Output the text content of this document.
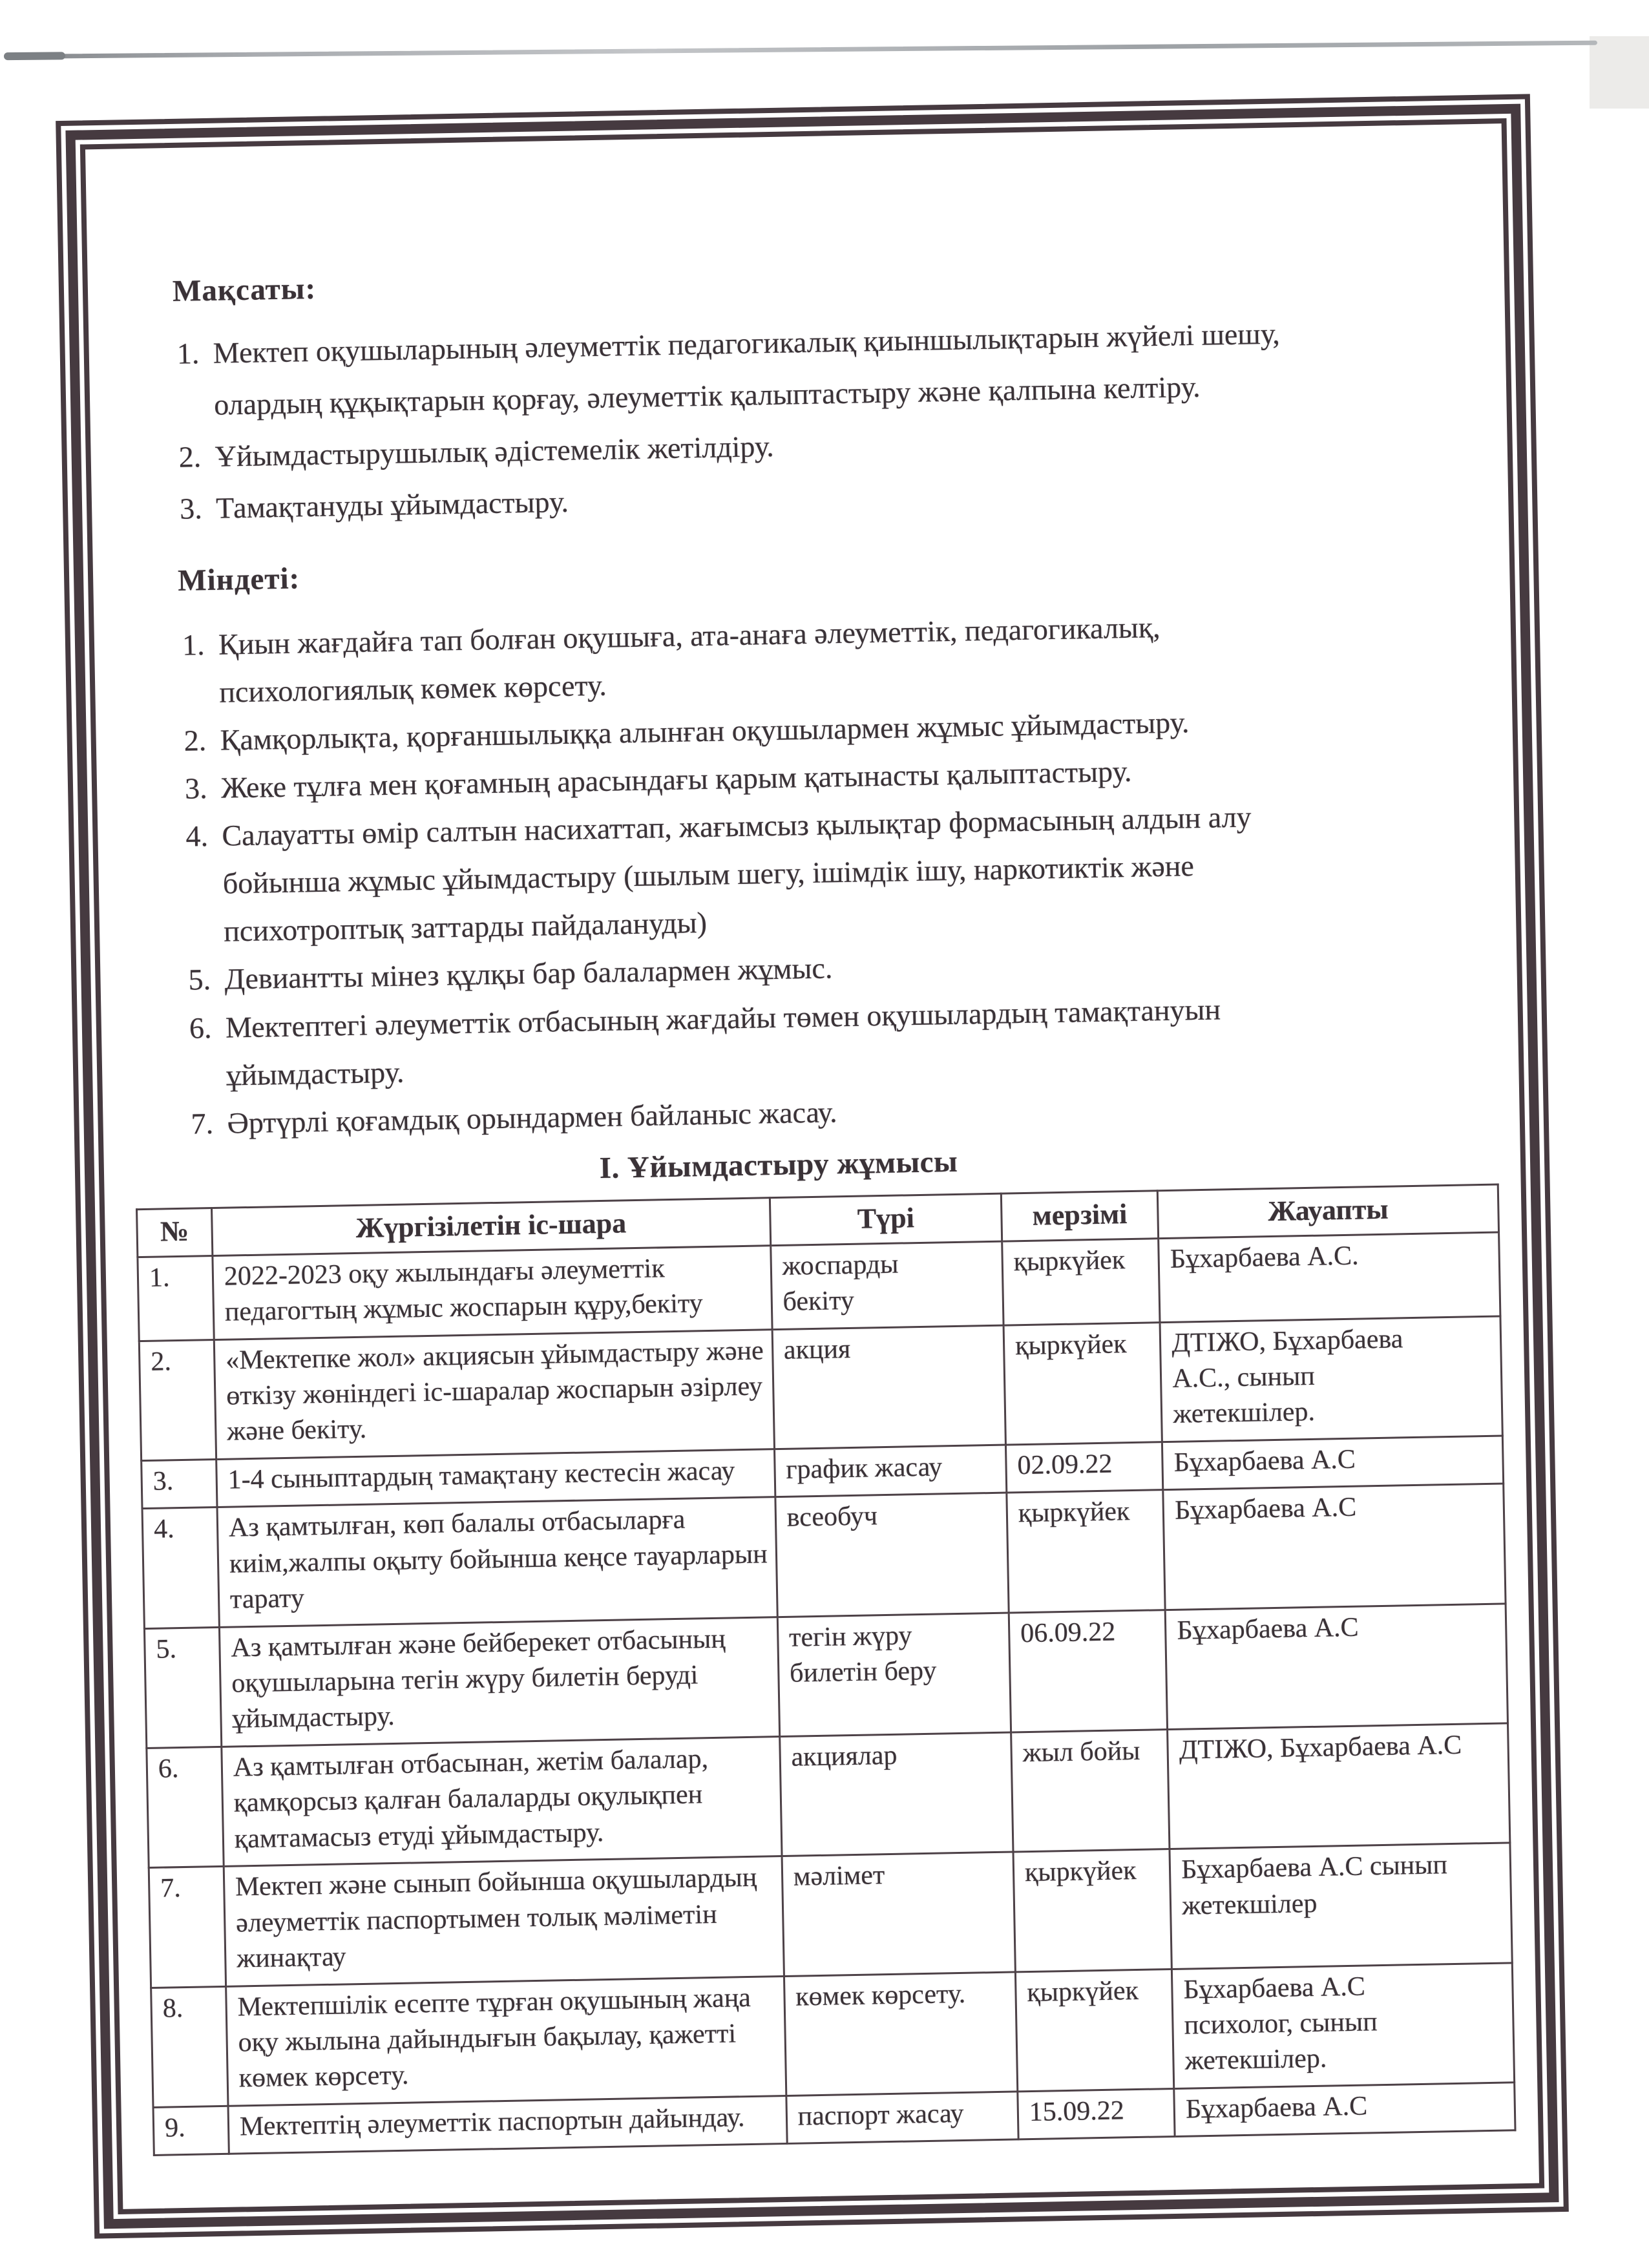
Мақсаты:
1. Мектеп оқушыларының әлеуметтік педагогикалық қиыншылықтарын жүйелі шешу, олардың құқықтарын қорғау, әлеуметтік қалыптастыру және қалпына келтіру.
2. Ұйымдастырушылық әдістемелік жетілдіру.
3. Тамақтануды ұйымдастыру.
Міндеті:
1. Қиын жағдайға тап болған оқушыға, ата-анаға әлеуметтік, педагогикалық, психологиялық көмек көрсету.
2. Қамқорлықта, қорғаншылыққа алынған оқушылармен жұмыс ұйымдастыру.
3. Жеке тұлға мен қоғамның арасындағы қарым қатынасты қалыптастыру.
4. Салауатты өмір салтын насихаттап, жағымсыз қылықтар формасының алдын алу бойынша жұмыс ұйымдастыру (шылым шегу, ішімдік ішу, наркотиктік және психотроптық заттарды пайдалануды)
5. Девиантты мінез құлқы бар балалармен жұмыс.
6. Мектептегі әлеуметтік отбасының жағдайы төмен оқушылардың тамақтануын ұйымдастыру.
7. Әртүрлі қоғамдық орындармен байланыс жасау.
І. Ұйымдастыру жұмысы
№	Жүргізілетін іс-шара	Түрі	мерзімі	Жауапты

1.	2022-2023 оқу жылындағы әлеуметтік педагогтың жұмыс жоспарын құру,бекіту	жоспарды бекіту	қыркүйек	Бұхарбаева А.С.

2.	«Мектепке жол» акциясын ұйымдастыру және өткізу жөніндегі іс-шаралар жоспарын әзірлеу және бекіту.	акция	қыркүйек	ДТІЖО, Бұхарбаева А.С., сынып жетекшілер.

3.	1-4 сыныптардың тамақтану кестесін жасау	график жасау	02.09.22	Бұхарбаева А.С

4.	Аз қамтылған, көп балалы отбасыларға киім,жалпы оқыту бойынша кеңсе тауарларын тарату	всеобуч	қыркүйек	Бұхарбаева А.С

5.	Аз қамтылған және бейберекет отбасының оқушыларына тегін жүру билетін беруді ұйымдастыру.	тегін жүру билетін беру	06.09.22	Бұхарбаева А.С

6.	Аз қамтылған отбасынан, жетім балалар, қамқорсыз қалған балаларды оқулықпен қамтамасыз етуді ұйымдастыру.	акциялар	жыл бойы	ДТІЖО, Бұхарбаева А.С

7.	Мектеп және сынып бойынша оқушылардың әлеуметтік паспортымен толық мәліметін жинақтау	мәлімет	қыркүйек	Бұхарбаева А.С сынып жетекшілер

8.	Мектепшілік есепте тұрған оқушының жаңа оқу жылына дайындығын бақылау, қажетті көмек көрсету.	көмек көрсету.	қыркүйек	Бұхарбаева А.С психолог, сынып жетекшілер.

9.	Мектептің әлеуметтік паспортын дайындау.	паспорт жасау	15.09.22	Бұхарбаева А.С
